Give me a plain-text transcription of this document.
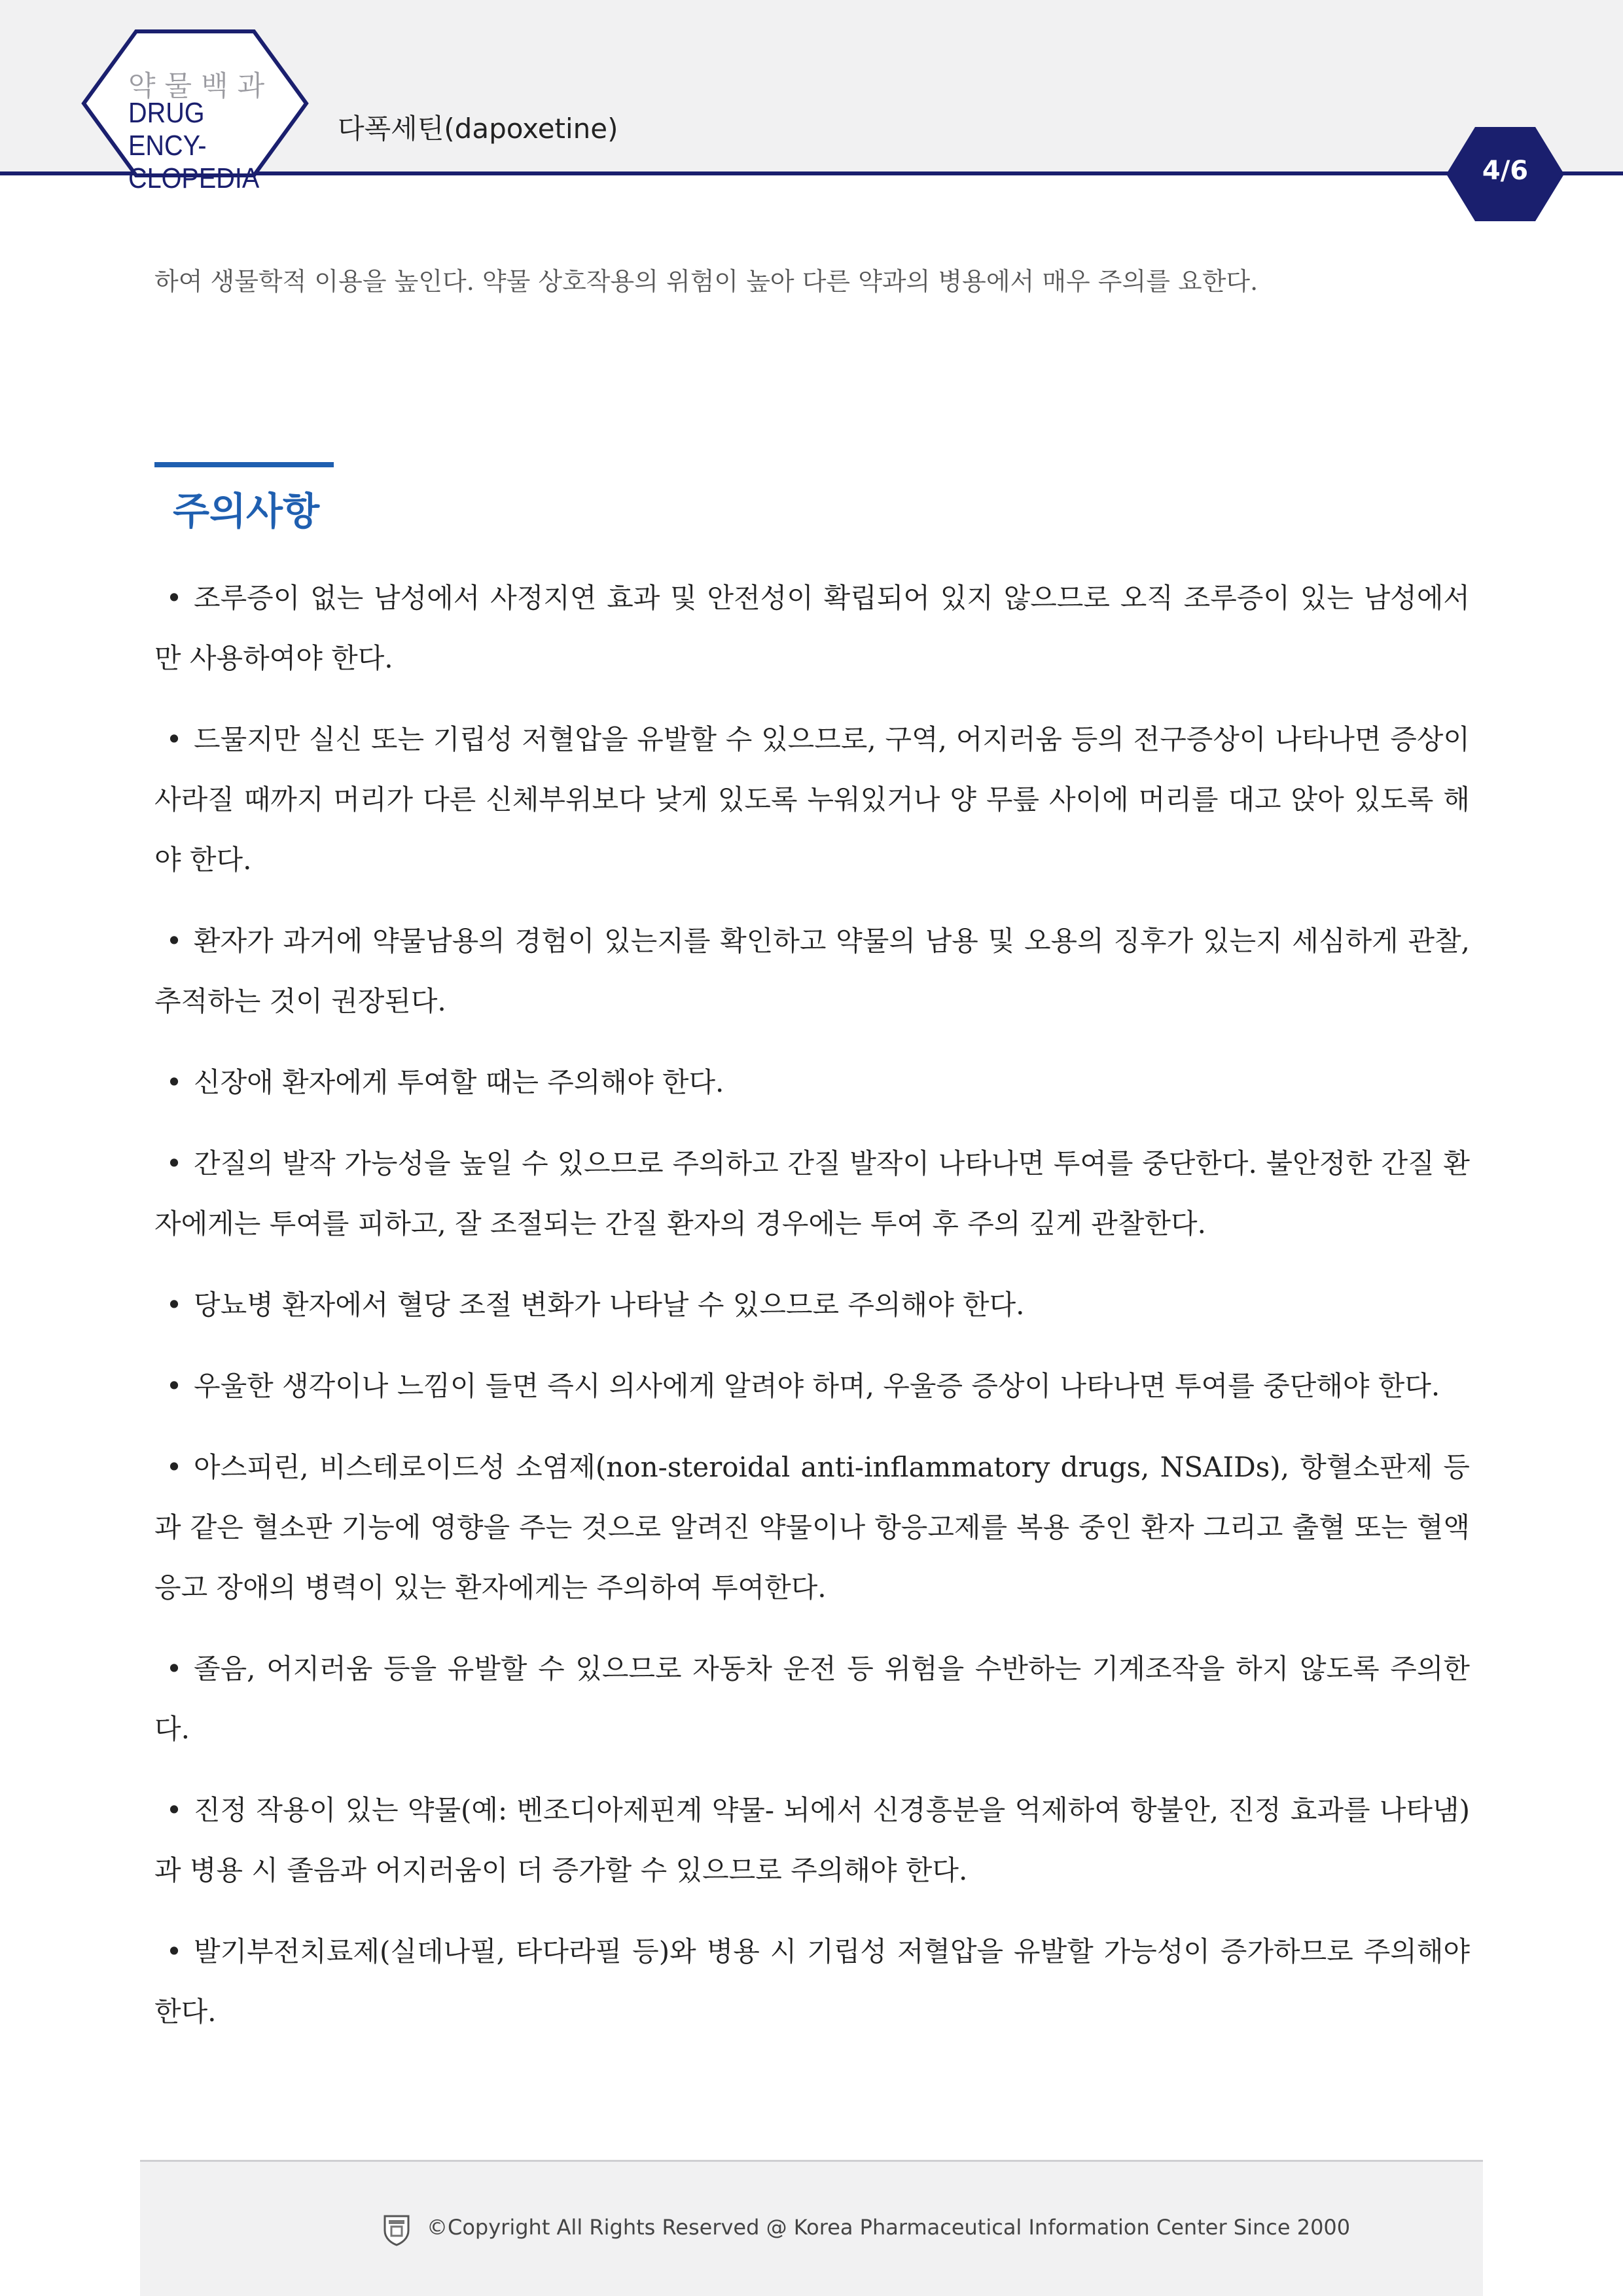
약물백과
DRUG ENCY-
CLOPEDIA
다폭세틴(dapoxetine)
4/6
하여 생물학적 이용을 높인다. 약물 상호작용의 위험이 높아 다른 약과의 병용에서 매우 주의를 요한다.
주의사항
• 조루증이 없는 남성에서 사정지연 효과 및 안전성이 확립되어 있지 않으므로 오직 조루증이 있는 남성에서만 사용하여야 한다.
• 드물지만 실신 또는 기립성 저혈압을 유발할 수 있으므로, 구역, 어지러움 등의 전구증상이 나타나면 증상이 사라질 때까지 머리가 다른 신체부위보다 낮게 있도록 누워있거나 양 무릎 사이에 머리를 대고 앉아 있도록 해야 한다.
• 환자가 과거에 약물남용의 경험이 있는지를 확인하고 약물의 남용 및 오용의 징후가 있는지 세심하게 관찰, 추적하는 것이 권장된다.
• 신장애 환자에게 투여할 때는 주의해야 한다.
• 간질의 발작 가능성을 높일 수 있으므로 주의하고 간질 발작이 나타나면 투여를 중단한다. 불안정한 간질 환자에게는 투여를 피하고, 잘 조절되는 간질 환자의 경우에는 투여 후 주의 깊게 관찰한다.
• 당뇨병 환자에서 혈당 조절 변화가 나타날 수 있으므로 주의해야 한다.
• 우울한 생각이나 느낌이 들면 즉시 의사에게 알려야 하며, 우울증 증상이 나타나면 투여를 중단해야 한다.
• 아스피린, 비스테로이드성 소염제(non-steroidal anti-inflammatory drugs, NSAIDs), 항혈소판제 등과 같은 혈소판 기능에 영향을 주는 것으로 알려진 약물이나 항응고제를 복용 중인 환자 그리고 출혈 또는 혈액응고 장애의 병력이 있는 환자에게는 주의하여 투여한다.
• 졸음, 어지러움 등을 유발할 수 있으므로 자동차 운전 등 위험을 수반하는 기계조작을 하지 않도록 주의한다.
• 진정 작용이 있는 약물(예: 벤조디아제핀계 약물- 뇌에서 신경흥분을 억제하여 항불안, 진정 효과를 나타냄)과 병용 시 졸음과 어지러움이 더 증가할 수 있으므로 주의해야 한다.
• 발기부전치료제(실데나필, 타다라필 등)와 병용 시 기립성 저혈압을 유발할 가능성이 증가하므로 주의해야 한다.
©Copyright All Rights Reserved @ Korea Pharmaceutical Information Center Since 2000
